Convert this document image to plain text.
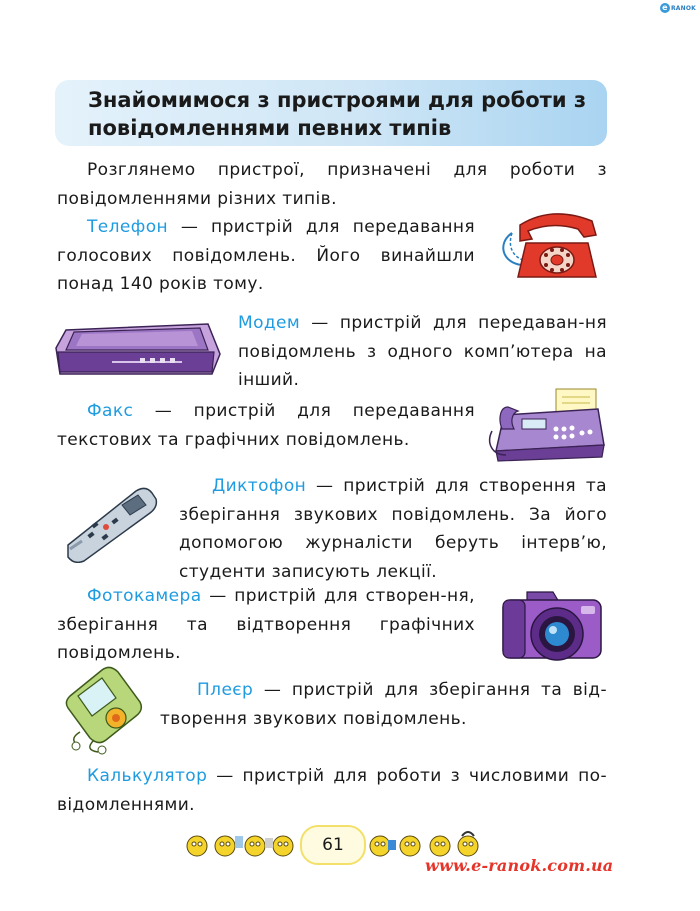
e RANOK
Знайомимося з пристроями для роботи з повідомленнями певних типів
Розглянемо пристрої, призначені для роботи з повідомленнями різних типів.
Телефон — пристрій для передавання голосових повідомлень. Його винайшли понад 140 років тому.
Модем — пристрій для передаван-ня повідомлень з одного комп’ютера на інший.
Факс — пристрій для передавання текстових та графічних повідомлень.
Диктофон — пристрій для створення та зберігання звукових повідомлень. За його допомогою журналісти беруть інтерв’ю, студенти записують лекції.
Фотокамера — пристрій для створен-ня, зберігання та відтворення графічних повідомлень.
Плеєр — пристрій для зберігання та від-творення звукових повідомлень.
Калькулятор — пристрій для роботи з числовими по-відомленнями.
61
www.e-ranok.com.ua
